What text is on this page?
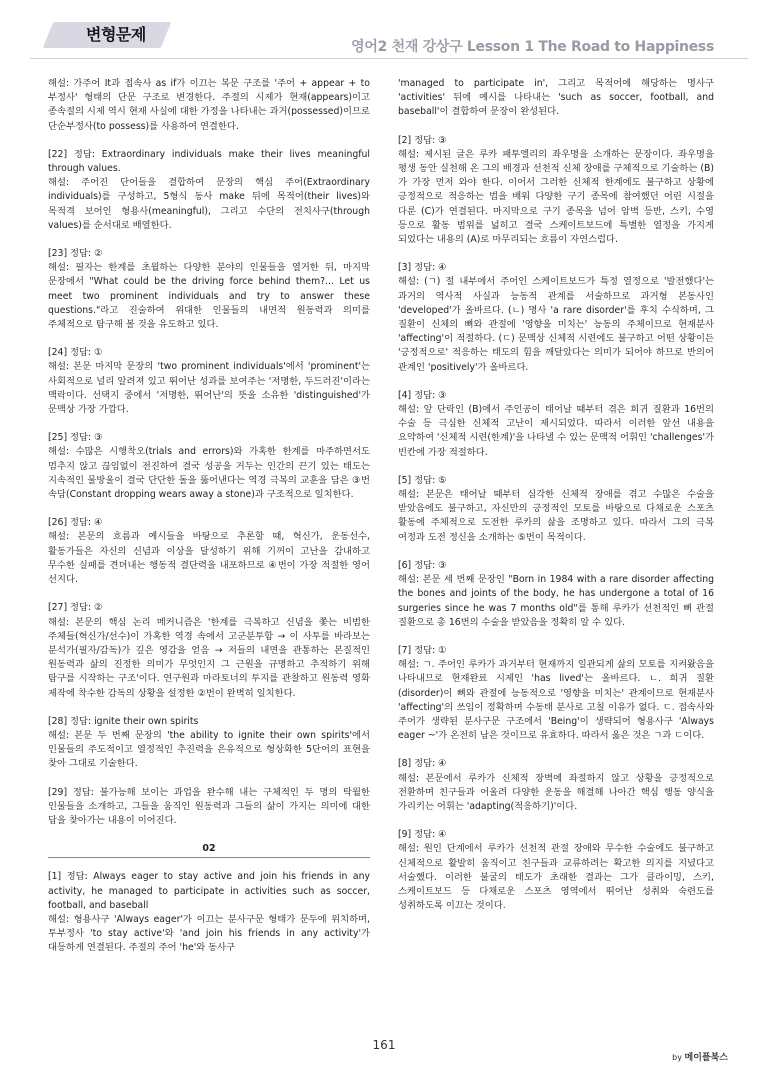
변형문제
영어2 천재 강상구 Lesson 1 The Road to Happiness
해설: 가주어 It과 접속사 as if가 이끄는 복문 구조를 '주어 + appear + to 부정사' 형태의 단문 구조로 변경한다. 주절의 시제가 현재(appears)이고 종속절의 시제 역시 현재 사실에 대한 가정을 나타내는 과거(possessed)이므로 단순부정사(to possess)를 사용하여 연결한다.
[22] 정답: Extraordinary individuals make their lives meaningful through values.
해설: 주어진 단어들을 결합하여 문장의 핵심 주어(Extraordinary individuals)를 구성하고, 5형식 동사 make 뒤에 목적어(their lives)와 목적격 보어인 형용사(meaningful), 그리고 수단의 전치사구(through values)를 순서대로 배열한다.
[23] 정답: ②
해설: 필자는 한계를 초월하는 다양한 분야의 인물들을 열거한 뒤, 마지막 문장에서 "What could be the driving force behind them?... Let us meet two prominent individuals and try to answer these questions."라고 진술하여 위대한 인물들의 내면적 원동력과 의미를 주체적으로 탐구해 볼 것을 유도하고 있다.
[24] 정답: ①
해설: 본문 마지막 문장의 'two prominent individuals'에서 'prominent'는 사회적으로 널리 알려져 있고 뛰어난 성과를 보여주는 '저명한, 두드러진'이라는 맥락이다. 선택지 중에서 '저명한, 뛰어난'의 뜻을 소유한 'distinguished'가 문맥상 가장 가깝다.
[25] 정답: ③
해설: 수많은 시행착오(trials and errors)와 가혹한 한계를 마주하면서도 멈추지 않고 끊임없이 전진하여 결국 성공을 거두는 인간의 끈기 있는 태도는 지속적인 물방울이 결국 단단한 돌을 뚫어낸다는 역경 극복의 교훈을 담은 ③번 속담(Constant dropping wears away a stone)과 구조적으로 일치한다.
[26] 정답: ④
해설: 본문의 흐름과 예시들을 바탕으로 추론할 때, 혁신가, 운동선수, 활동가들은 자신의 신념과 이상을 달성하기 위해 기꺼이 고난을 감내하고 무수한 실패를 견뎌내는 행동적 결단력을 내포하므로 ④번이 가장 적절한 영어 선지다.
[27] 정답: ②
해설: 본문의 핵심 논리 메커니즘은 '한계를 극복하고 신념을 쫓는 비범한 주체들(혁신가/선수)이 가혹한 역경 속에서 고군분투함 → 이 사투를 바라보는 분석가(필자/감독)가 깊은 영감을 얻음 → 저들의 내면을 관통하는 본질적인 원동력과 삶의 진정한 의미가 무엇인지 그 근원을 규명하고 추적하기 위해 탐구를 시작하는 구조'이다. 연구원과 마라토너의 투지를 관찰하고 원동력 영화 제작에 착수한 감독의 상황을 설정한 ②번이 완벽히 일치한다.
[28] 정답: ignite their own spirits
해설: 본문 두 번째 문장의 'the ability to ignite their own spirits'에서 인물들의 주도적이고 열정적인 추진력을 은유적으로 형상화한 5단어의 표현을 찾아 그대로 기술한다.
[29] 정답: 불가능해 보이는 과업을 완수해 내는 구체적인 두 명의 탁월한 인물들을 소개하고, 그들을 움직인 원동력과 그들의 삶이 가지는 의미에 대한 답을 찾아가는 내용이 이어진다.
02
[1] 정답: Always eager to stay active and join his friends in any activity, he managed to participate in activities such as soccer, football, and baseball
해설: 형용사구 'Always eager'가 이끄는 분사구문 형태가 문두에 위치하며, 투부정사 'to stay active'와 'and join his friends in any activity'가 대등하게 연결된다. 주절의 주어 'he'와 동사구
'managed to participate in', 그리고 목적어에 해당하는 명사구 'activities' 뒤에 예시를 나타내는 'such as soccer, football, and baseball'이 결합하여 문장이 완성된다.
[2] 정답: ③
해설: 제시된 글은 루카 패투엘리의 좌우명을 소개하는 문장이다. 좌우명을 평생 동안 실천해 온 그의 배경과 선천적 신체 장애를 구체적으로 기술하는 (B)가 가장 먼저 와야 한다. 이어서 그러한 신체적 한계에도 불구하고 상황에 긍정적으로 적응하는 법을 배워 다양한 구기 종목에 참여했던 어린 시절을 다룬 (C)가 연결된다. 마지막으로 구기 종목을 넘어 암벽 등반, 스키, 수영 등으로 활동 범위를 넓히고 결국 스케이트보드에 특별한 열정을 가지게 되었다는 내용의 (A)로 마무리되는 흐름이 자연스럽다.
[3] 정답: ④
해설: (ㄱ) 절 내부에서 주어인 스케이트보드가 특정 열정으로 '발전했다'는 과거의 역사적 사실과 능동적 관계를 서술하므로 과거형 본동사인 'developed'가 올바르다. (ㄴ) 명사 'a rare disorder'를 후치 수식하며, 그 질환이 신체의 뼈와 관절에 '영향을 미치는' 능동의 주체이므로 현재분사 'affecting'이 적절하다. (ㄷ) 문맥상 신체적 시련에도 불구하고 어떤 상황이든 '긍정적으로' 적응하는 태도의 힘을 깨달았다는 의미가 되어야 하므로 반의어 관계인 'positively'가 올바르다.
[4] 정답: ③
해설: 앞 단락인 (B)에서 주인공이 태어날 때부터 겪은 희귀 질환과 16번의 수술 등 극심한 신체적 고난이 제시되었다. 따라서 이러한 앞선 내용을 요약하여 '신체적 시련(한계)'을 나타낼 수 있는 문맥적 어휘인 'challenges'가 빈칸에 가장 적절하다.
[5] 정답: ⑤
해설: 본문은 태어날 때부터 심각한 신체적 장애를 겪고 수많은 수술을 받았음에도 불구하고, 자신만의 긍정적인 모토를 바탕으로 다채로운 스포츠 활동에 주체적으로 도전한 루카의 삶을 조명하고 있다. 따라서 그의 극복 여정과 도전 정신을 소개하는 ⑤번이 목적이다.
[6] 정답: ③
해설: 본문 세 번째 문장인 "Born in 1984 with a rare disorder affecting the bones and joints of the body, he has undergone a total of 16 surgeries since he was 7 months old"를 통해 루카가 선천적인 뼈 관절 질환으로 총 16번의 수술을 받았음을 정확히 알 수 있다.
[7] 정답: ①
해설: ㄱ. 주어인 루카가 과거부터 현재까지 일관되게 삶의 모토를 지켜왔음을 나타내므로 현재완료 시제인 'has lived'는 올바르다. ㄴ. 희귀 질환(disorder)이 뼈와 관절에 능동적으로 '영향을 미치는' 관계이므로 현재분사 'affecting'의 쓰임이 정확하며 수동태 분사로 고칠 이유가 없다. ㄷ. 접속사와 주어가 생략된 분사구문 구조에서 'Being'이 생략되어 형용사구 'Always eager ~'가 온전히 남은 것이므로 유효하다. 따라서 옳은 것은 ㄱ과 ㄷ이다.
[8] 정답: ④
해설: 본문에서 루카가 신체적 장벽에 좌절하지 않고 상황을 긍정적으로 전환하며 친구들과 어울려 다양한 운동을 해결해 나아간 핵심 행동 양식을 가리키는 어휘는 'adapting(적응하기)'이다.
[9] 정답: ④
해설: 원인 단계에서 루카가 선천적 관절 장애와 무수한 수술에도 불구하고 신체적으로 활발히 움직이고 친구들과 교류하려는 확고한 의지를 지녔다고 서술했다. 이러한 불굴의 태도가 초래한 결과는 그가 클라이밍, 스키, 스케이트보드 등 다채로운 스포츠 영역에서 뛰어난 성취와 숙련도를 성취하도록 이끄는 것이다.
161
by 메이플북스
